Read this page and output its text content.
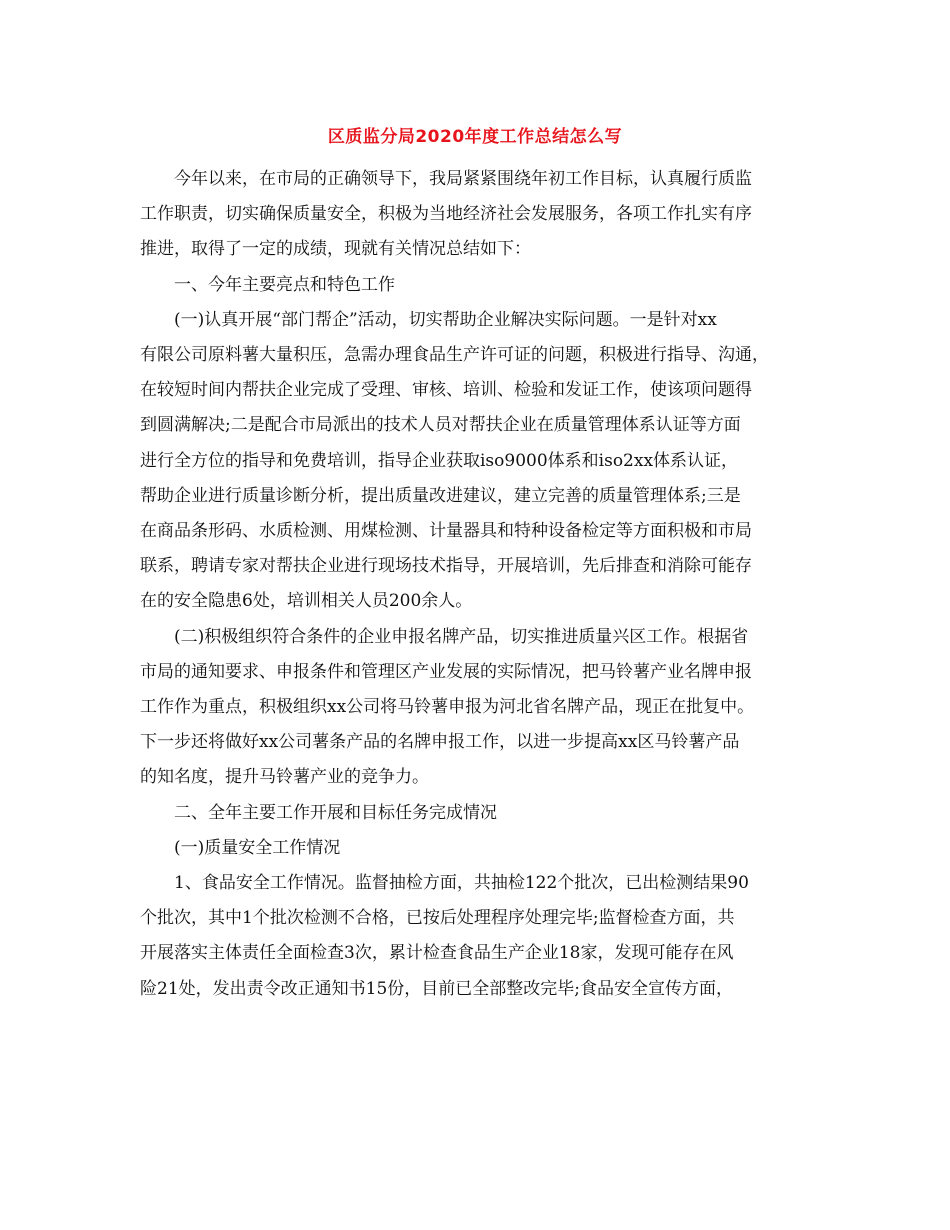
区质监分局2020年度工作总结怎么写

　　今年以来，在市局的正确领导下，我局紧紧围绕年初工作目标，认真履行质监

工作职责，切实确保质量安全，积极为当地经济社会发展服务，各项工作扎实有序

推进，取得了一定的成绩，现就有关情况总结如下：

　　一、今年主要亮点和特色工作

　　(一)认真开展“部门帮企”活动，切实帮助企业解决实际问题。一是针对xx

有限公司原料薯大量积压，急需办理食品生产许可证的问题，积极进行指导、沟通，

在较短时间内帮扶企业完成了受理、审核、培训、检验和发证工作，使该项问题得

到圆满解决;二是配合市局派出的技术人员对帮扶企业在质量管理体系认证等方面

进行全方位的指导和免费培训，指导企业获取iso9000体系和iso2xx体系认证，

帮助企业进行质量诊断分析，提出质量改进建议，建立完善的质量管理体系;三是

在商品条形码、水质检测、用煤检测、计量器具和特种设备检定等方面积极和市局

联系，聘请专家对帮扶企业进行现场技术指导，开展培训，先后排查和消除可能存

在的安全隐患6处，培训相关人员200余人。

　　(二)积极组织符合条件的企业申报名牌产品，切实推进质量兴区工作。根据省

市局的通知要求、申报条件和管理区产业发展的实际情况，把马铃薯产业名牌申报

工作作为重点，积极组织xx公司将马铃薯申报为河北省名牌产品，现正在批复中。

下一步还将做好xx公司薯条产品的名牌申报工作，以进一步提高xx区马铃薯产品

的知名度，提升马铃薯产业的竞争力。

　　二、全年主要工作开展和目标任务完成情况

　　(一)质量安全工作情况

　　1、食品安全工作情况。监督抽检方面，共抽检122个批次，已出检测结果90

个批次，其中1个批次检测不合格，已按后处理程序处理完毕;监督检查方面，共

开展落实主体责任全面检查3次，累计检查食品生产企业18家，发现可能存在风

险21处，发出责令改正通知书15份，目前已全部整改完毕;食品安全宣传方面，
